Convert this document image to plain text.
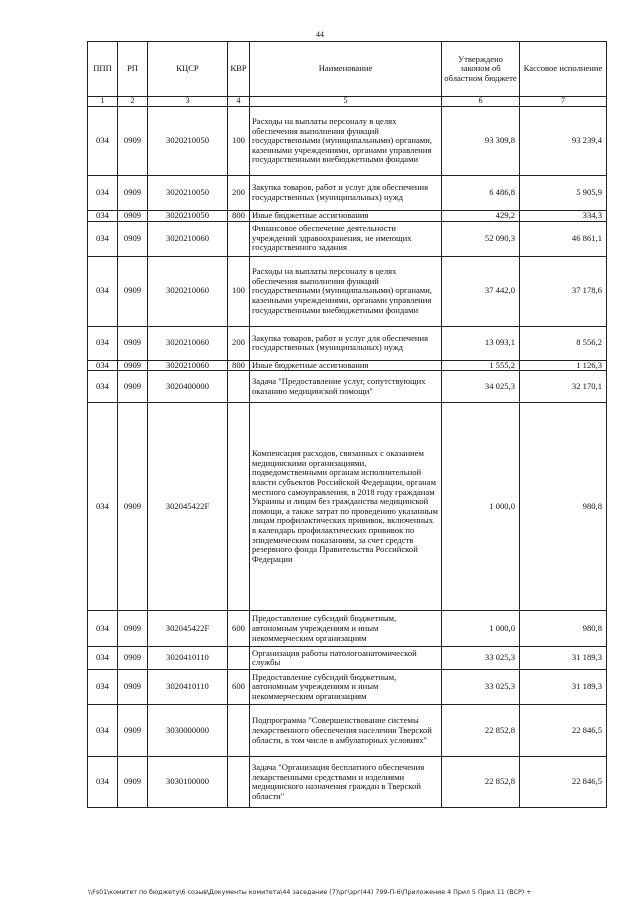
44
ППП	РП	КЦСР	КВР	Наименование	Утверждено законом об областном бюджете	Кассовое исполнение
1	2	3	4	5	6	7
034	0909	3020210050	100	Расходы на выплаты персоналу в целях обеспечения выполнения функций государственными (муниципальными) органами, казенными учреждениями, органами управления государственными внебюджетными фондами	93 309,8	93 239,4
034	0909	3020210050	200	Закупка товаров, работ и услуг для обеспечения государственных (муниципальных) нужд	6 486,8	5 905,9
034	0909	3020210050	800	Иные бюджетные ассигнования	429,2	334,3
034	0909	3020210060		Финансовое обеспечение деятельности учреждений здравоохранения, не имеющих государственного задания	52 090,3	46 861,1
034	0909	3020210060	100	Расходы на выплаты персоналу в целях обеспечения выполнения функций государственными (муниципальными) органами, казенными учреждениями, органами управления государственными внебюджетными фондами	37 442,0	37 178,6
034	0909	3020210060	200	Закупка товаров, работ и услуг для обеспечения государственных (муниципальных) нужд	13 093,1	8 556,2
034	0909	3020210060	800	Иные бюджетные ассигнования	1 555,2	1 126,3
034	0909	3020400000		Задача "Предоставление услуг, сопутствующих оказанию медицинской помощи"	34 025,3	32 170,1
034	0909	302045422F		Компенсация расходов, связанных с оказанием медицинскими организациями, подведомственными органам исполнительной власти субъектов Российской Федерации, органам местного самоуправления, в 2018 году гражданам Украины и лицам без гражданства медицинской помощи, а также затрат по проведению указанным лицам профилактических прививок, включенных в календарь профилактических прививок по эпидемическим показаниям, за счет средств резервного фонда Правительства Российской Федерации	1 000,0	980,8
034	0909	302045422F	600	Предоставление субсидий бюджетным, автономным учреждениям и иным некоммерческим организациям	1 000,0	980,8
034	0909	3020410110		Организация работы патологоанатомической службы	33 025,3	31 189,3
034	0909	3020410110	600	Предоставление субсидий бюджетным, автономным учреждениям и иным некоммерческим организациям	33 025,3	31 189,3
034	0909	3030000000		Подпрограмма "Совершенствование системы лекарственного обеспечения населения Тверской области, в том числе в амбулаторных условиях"	22 852,8	22 846,5
034	0909	3030100000		Задача "Организация бесплатного обеспечения лекарственными средствами и изделиями медицинского назначения граждан в Тверской области"	22 852,8	22 846,5
\\Fs01\комитет по бюджету\6 созыв\Документы комитета\44 заседание (7)\рг\зрг(44) 799-П-6\Приложение 4 Прил 5 Прил 11 (ВСР) +
